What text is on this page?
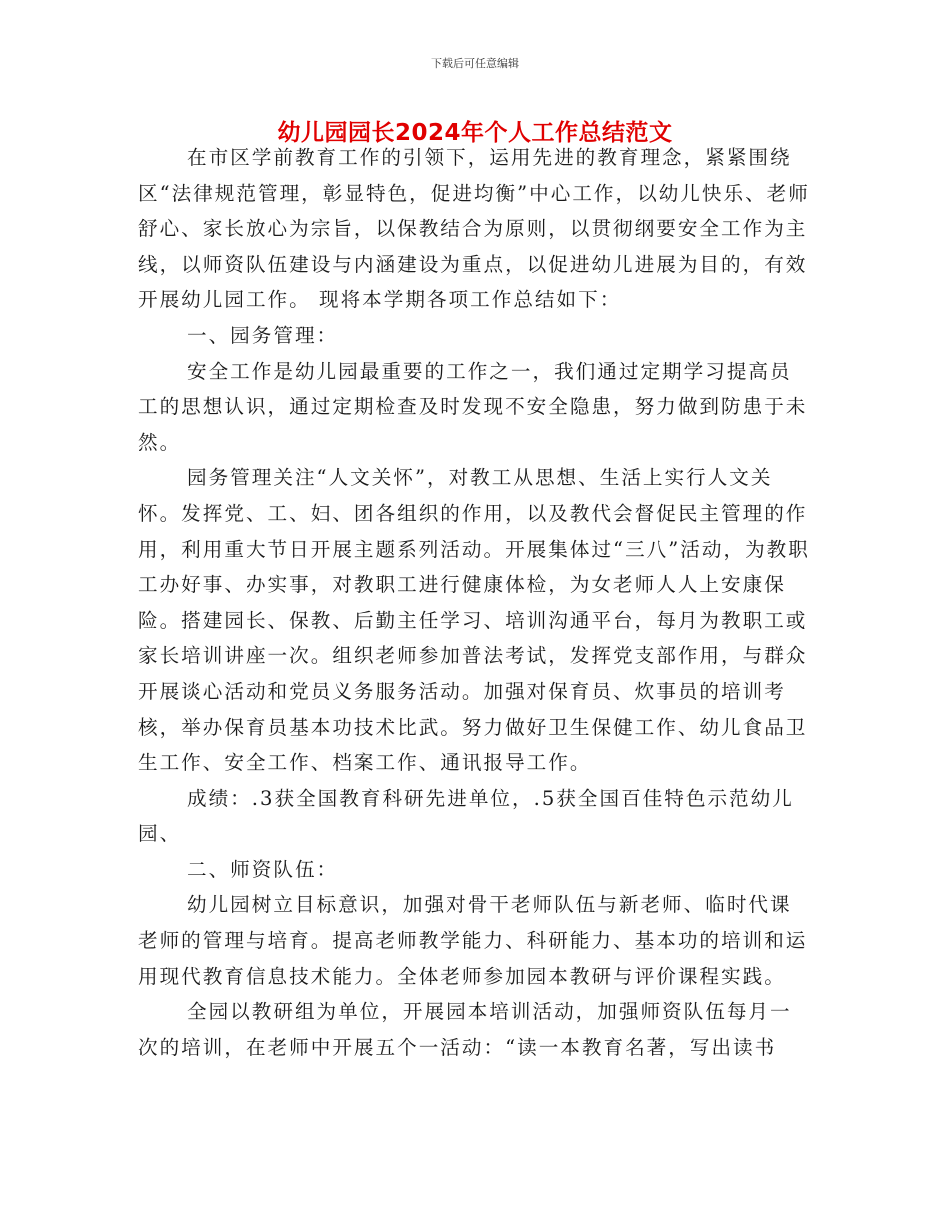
下载后可任意编辑
幼儿园园长2024年个人工作总结范文

在市区学前教育工作的引领下，运用先进的教育理念，紧紧围绕区“法律规范管理，彰显特色，促进均衡”中心工作，以幼儿快乐、老师舒心、家长放心为宗旨，以保教结合为原则，以贯彻纲要安全工作为主线，以师资队伍建设与内涵建设为重点，以促进幼儿进展为目的，有效开展幼儿园工作。 现将本学期各项工作总结如下：

一、园务管理：

安全工作是幼儿园最重要的工作之一，我们通过定期学习提高员工的思想认识，通过定期检查及时发现不安全隐患，努力做到防患于未然。

园务管理关注“人文关怀”，对教工从思想、生活上实行人文关怀。发挥党、工、妇、团各组织的作用，以及教代会督促民主管理的作用，利用重大节日开展主题系列活动。开展集体过“三八”活动，为教职工办好事、办实事，对教职工进行健康体检，为女老师人人上安康保险。搭建园长、保教、后勤主任学习、培训沟通平台，每月为教职工或家长培训讲座一次。组织老师参加普法考试，发挥党支部作用，与群众开展谈心活动和党员义务服务活动。加强对保育员、炊事员的培训考核，举办保育员基本功技术比武。努力做好卫生保健工作、幼儿食品卫生工作、安全工作、档案工作、通讯报导工作。

成绩：.3获全国教育科研先进单位，.5获全国百佳特色示范幼儿园、

二、师资队伍：

幼儿园树立目标意识，加强对骨干老师队伍与新老师、临时代课老师的管理与培育。提高老师教学能力、科研能力、基本功的培训和运用现代教育信息技术能力。全体老师参加园本教研与评价课程实践。

全园以教研组为单位，开展园本培训活动，加强师资队伍每月一次的培训，在老师中开展五个一活动：“读一本教育名著，写出读书
